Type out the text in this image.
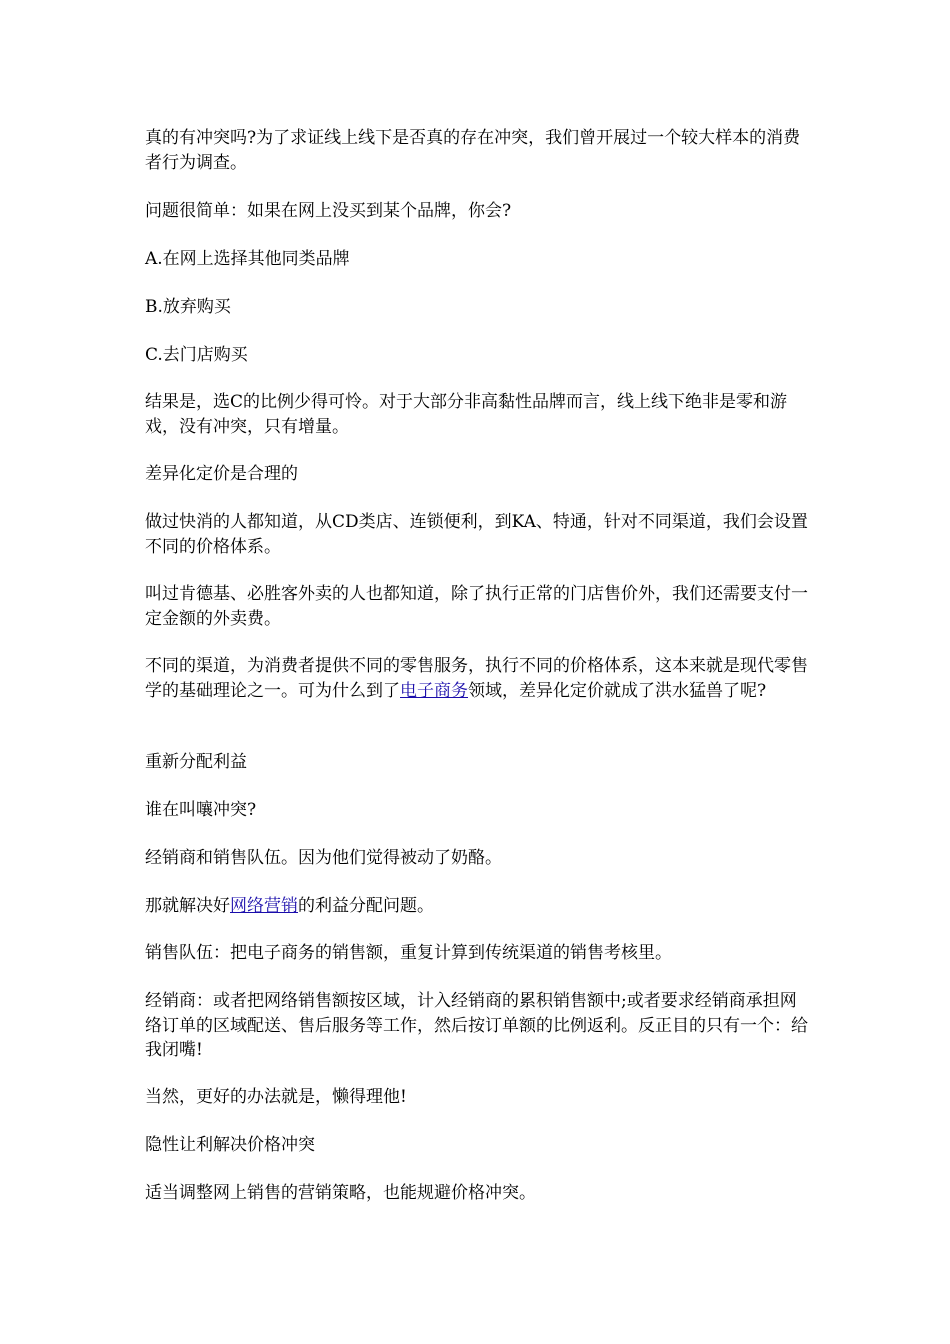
真的有冲突吗?为了求证线上线下是否真的存在冲突，我们曾开展过一个较大样本的消费者行为调查。

问题很简单：如果在网上没买到某个品牌，你会?

A.在网上选择其他同类品牌

B.放弃购买

C.去门店购买

结果是，选C的比例少得可怜。对于大部分非高黏性品牌而言，线上线下绝非是零和游戏，没有冲突，只有增量。

差异化定价是合理的

做过快消的人都知道，从CD类店、连锁便利，到KA、特通，针对不同渠道，我们会设置不同的价格体系。

叫过肯德基、必胜客外卖的人也都知道，除了执行正常的门店售价外，我们还需要支付一定金额的外卖费。

不同的渠道，为消费者提供不同的零售服务，执行不同的价格体系，这本来就是现代零售学的基础理论之一。可为什么到了电子商务领域，差异化定价就成了洪水猛兽了呢?

重新分配利益

谁在叫嚷冲突?

经销商和销售队伍。因为他们觉得被动了奶酪。

那就解决好网络营销的利益分配问题。

销售队伍：把电子商务的销售额，重复计算到传统渠道的销售考核里。

经销商：或者把网络销售额按区域，计入经销商的累积销售额中;或者要求经销商承担网络订单的区域配送、售后服务等工作，然后按订单额的比例返利。反正目的只有一个：给我闭嘴!

当然，更好的办法就是，懒得理他!

隐性让利解决价格冲突

适当调整网上销售的营销策略，也能规避价格冲突。
